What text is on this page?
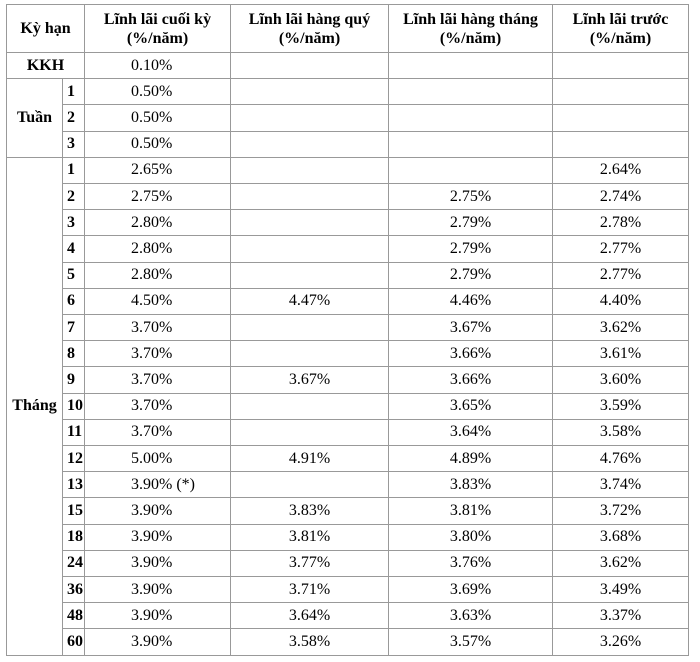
Kỳ hạn		Lĩnh lãi cuối kỳ (%/năm)	Lĩnh lãi hàng quý (%/năm)	Lĩnh lãi hàng tháng (%/năm)	Lĩnh lãi trước (%/năm)
KKH		0.10%			
Tuần	1	0.50%			
	2	0.50%			
	3	0.50%			
Tháng	1	2.65%			2.64%
	2	2.75%		2.75%	2.74%
	3	2.80%		2.79%	2.78%
	4	2.80%		2.79%	2.77%
	5	2.80%		2.79%	2.77%
	6	4.50%	4.47%	4.46%	4.40%
	7	3.70%		3.67%	3.62%
	8	3.70%		3.66%	3.61%
	9	3.70%	3.67%	3.66%	3.60%
	10	3.70%		3.65%	3.59%
	11	3.70%		3.64%	3.58%
	12	5.00%	4.91%	4.89%	4.76%
	13	3.90% (*)		3.83%	3.74%
	15	3.90%	3.83%	3.81%	3.72%
	18	3.90%	3.81%	3.80%	3.68%
	24	3.90%	3.77%	3.76%	3.62%
	36	3.90%	3.71%	3.69%	3.49%
	48	3.90%	3.64%	3.63%	3.37%
	60	3.90%	3.58%	3.57%	3.26%
